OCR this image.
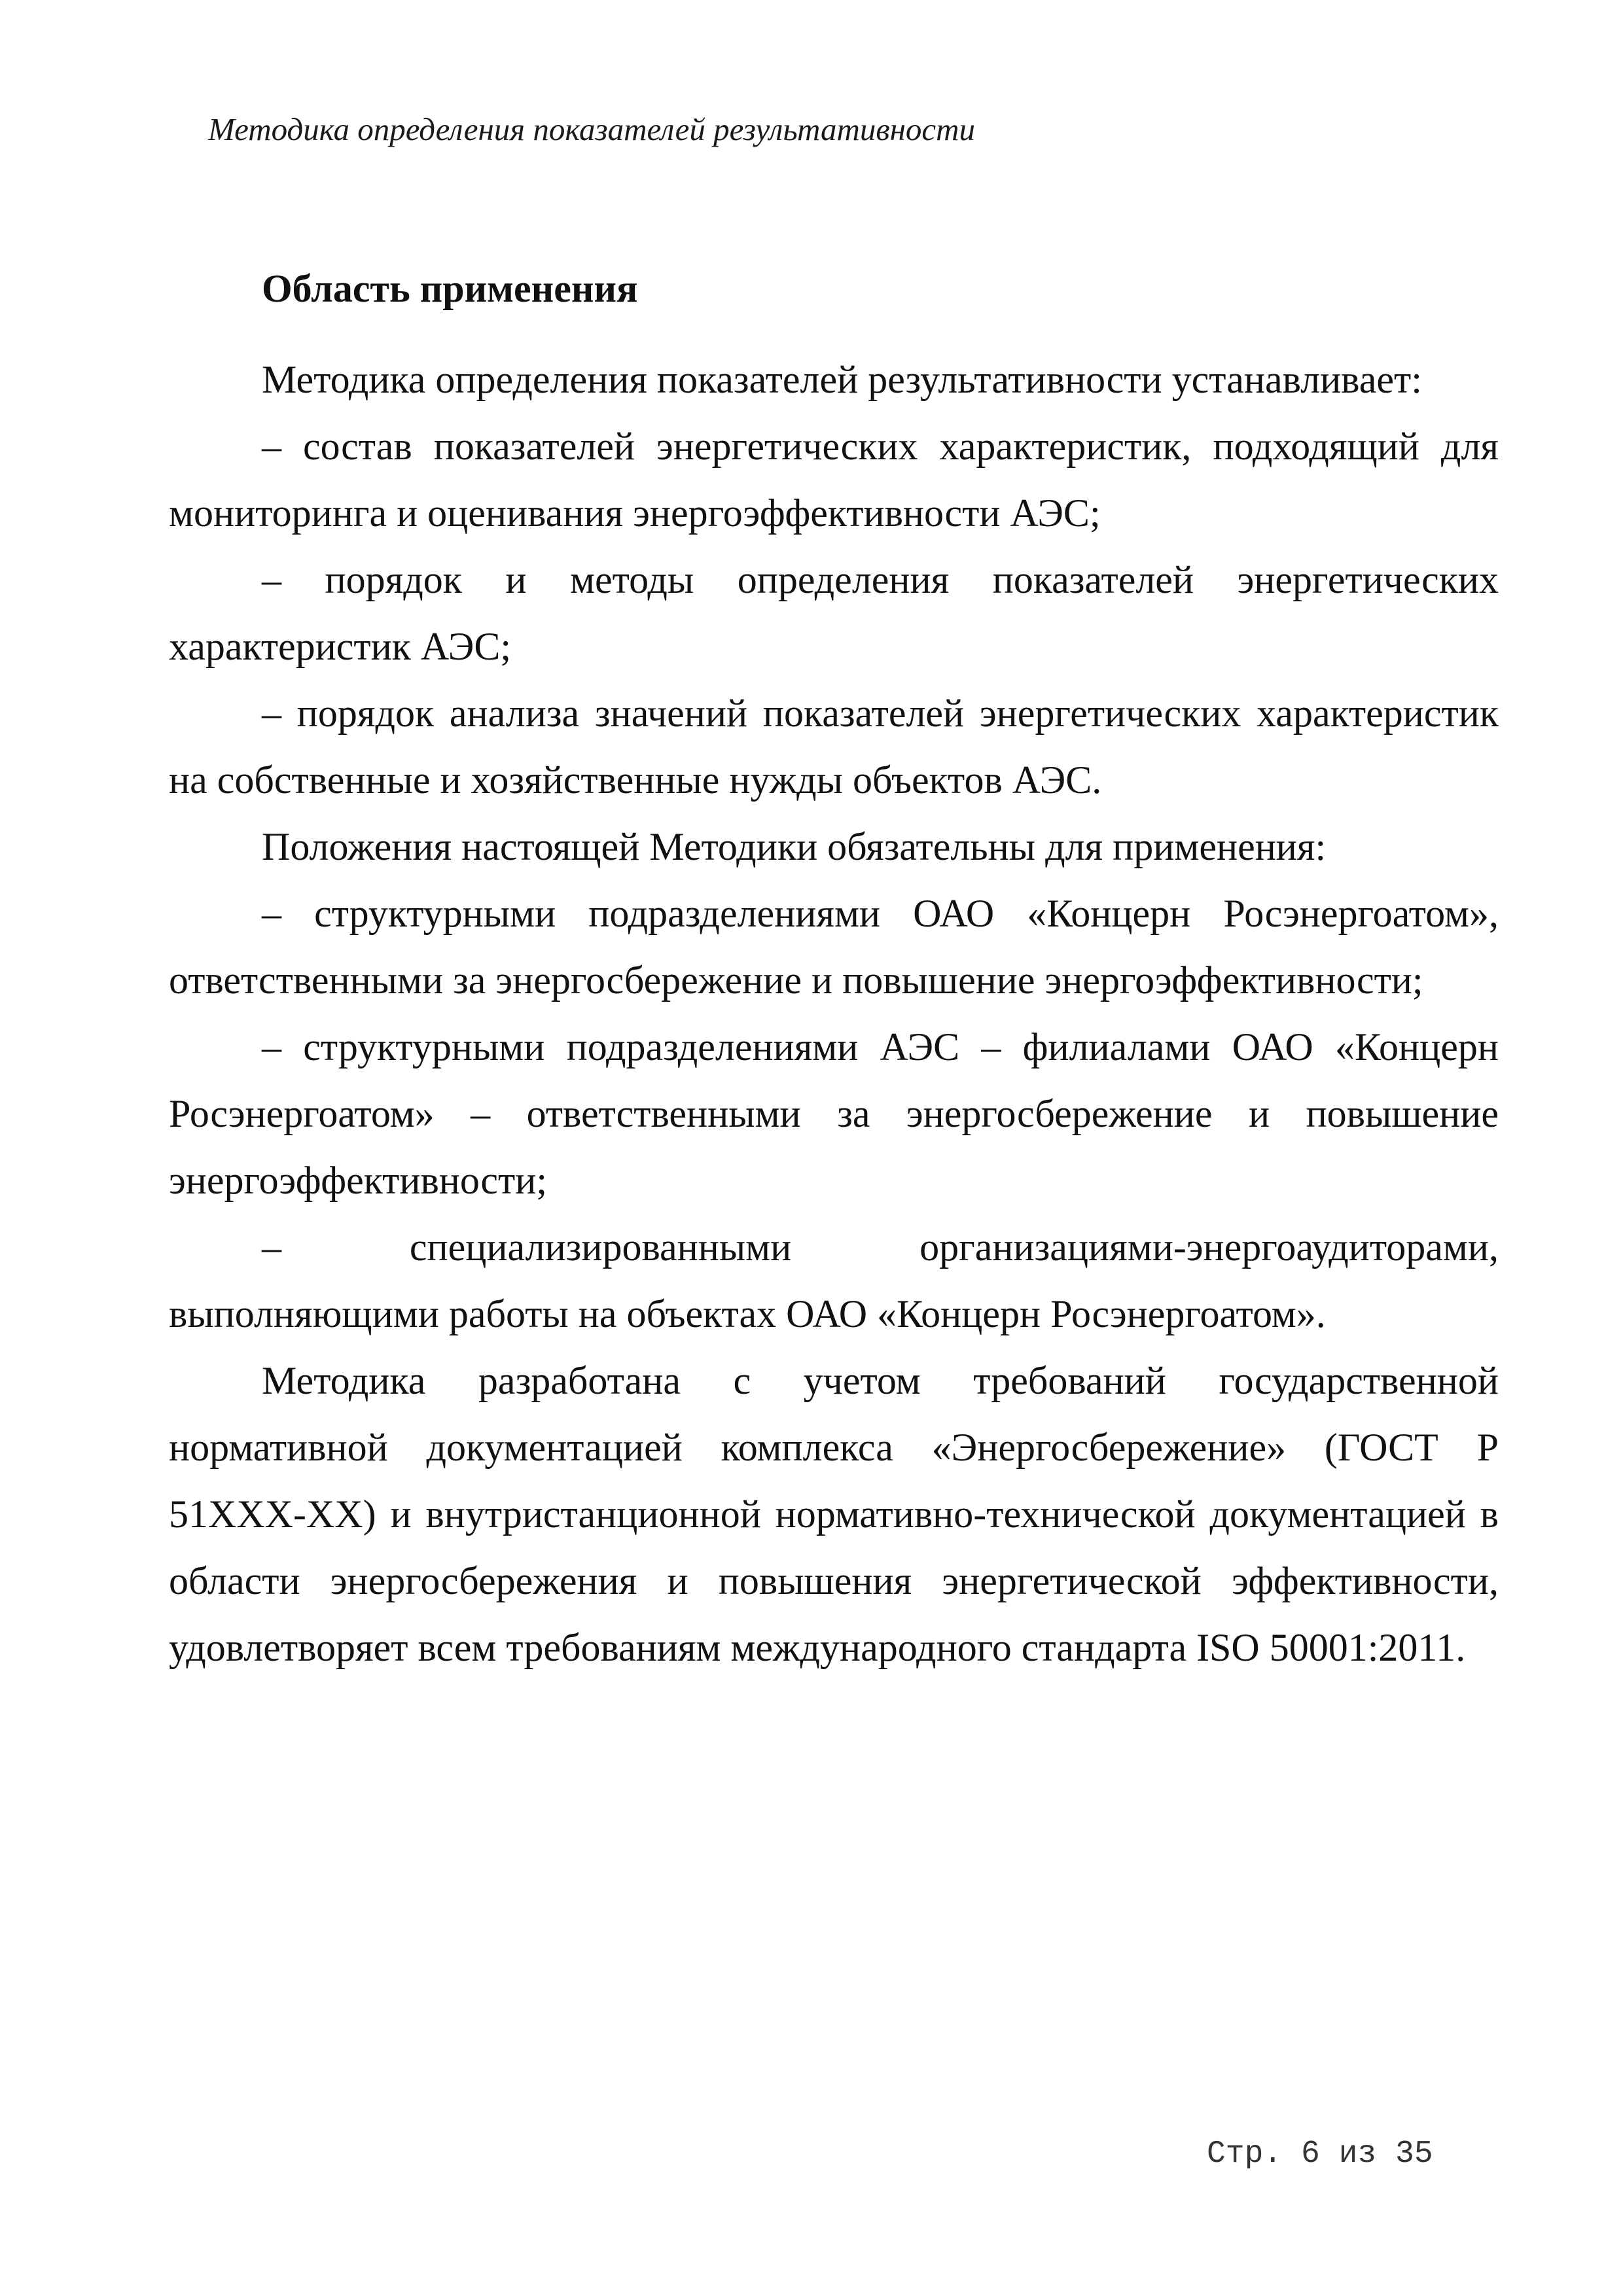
Методика определения показателей результативности
Область применения

Методика определения показателей результативности устанавливает:

– состав показателей энергетических характеристик, подходящий для мониторинга и оценивания энергоэффективности АЭС;

– порядок и методы определения показателей энергетических характеристик АЭС;

– порядок анализа значений показателей энергетических характеристик на собственные и хозяйственные нужды объектов АЭС.

Положения настоящей Методики обязательны для применения:

– структурными подразделениями ОАО «Концерн Росэнергоатом», ответственными за энергосбережение и повышение энергоэффективности;

– структурными подразделениями АЭС – филиалами ОАО «Концерн Росэнергоатом» – ответственными за энергосбережение и повышение энергоэффективности;

– специализированными организациями-энергоаудиторами, выполняющими работы на объектах ОАО «Концерн Росэнергоатом».

Методика разработана с учетом требований государственной нормативной документацией комплекса «Энергосбережение» (ГОСТ Р 51ХХХ-ХХ) и внутристанционной нормативно-технической документацией в области энергосбережения и повышения энергетической эффективности, удовлетворяет всем требованиям международного стандарта ISO 50001:2011.

Стр. 6 из 35
